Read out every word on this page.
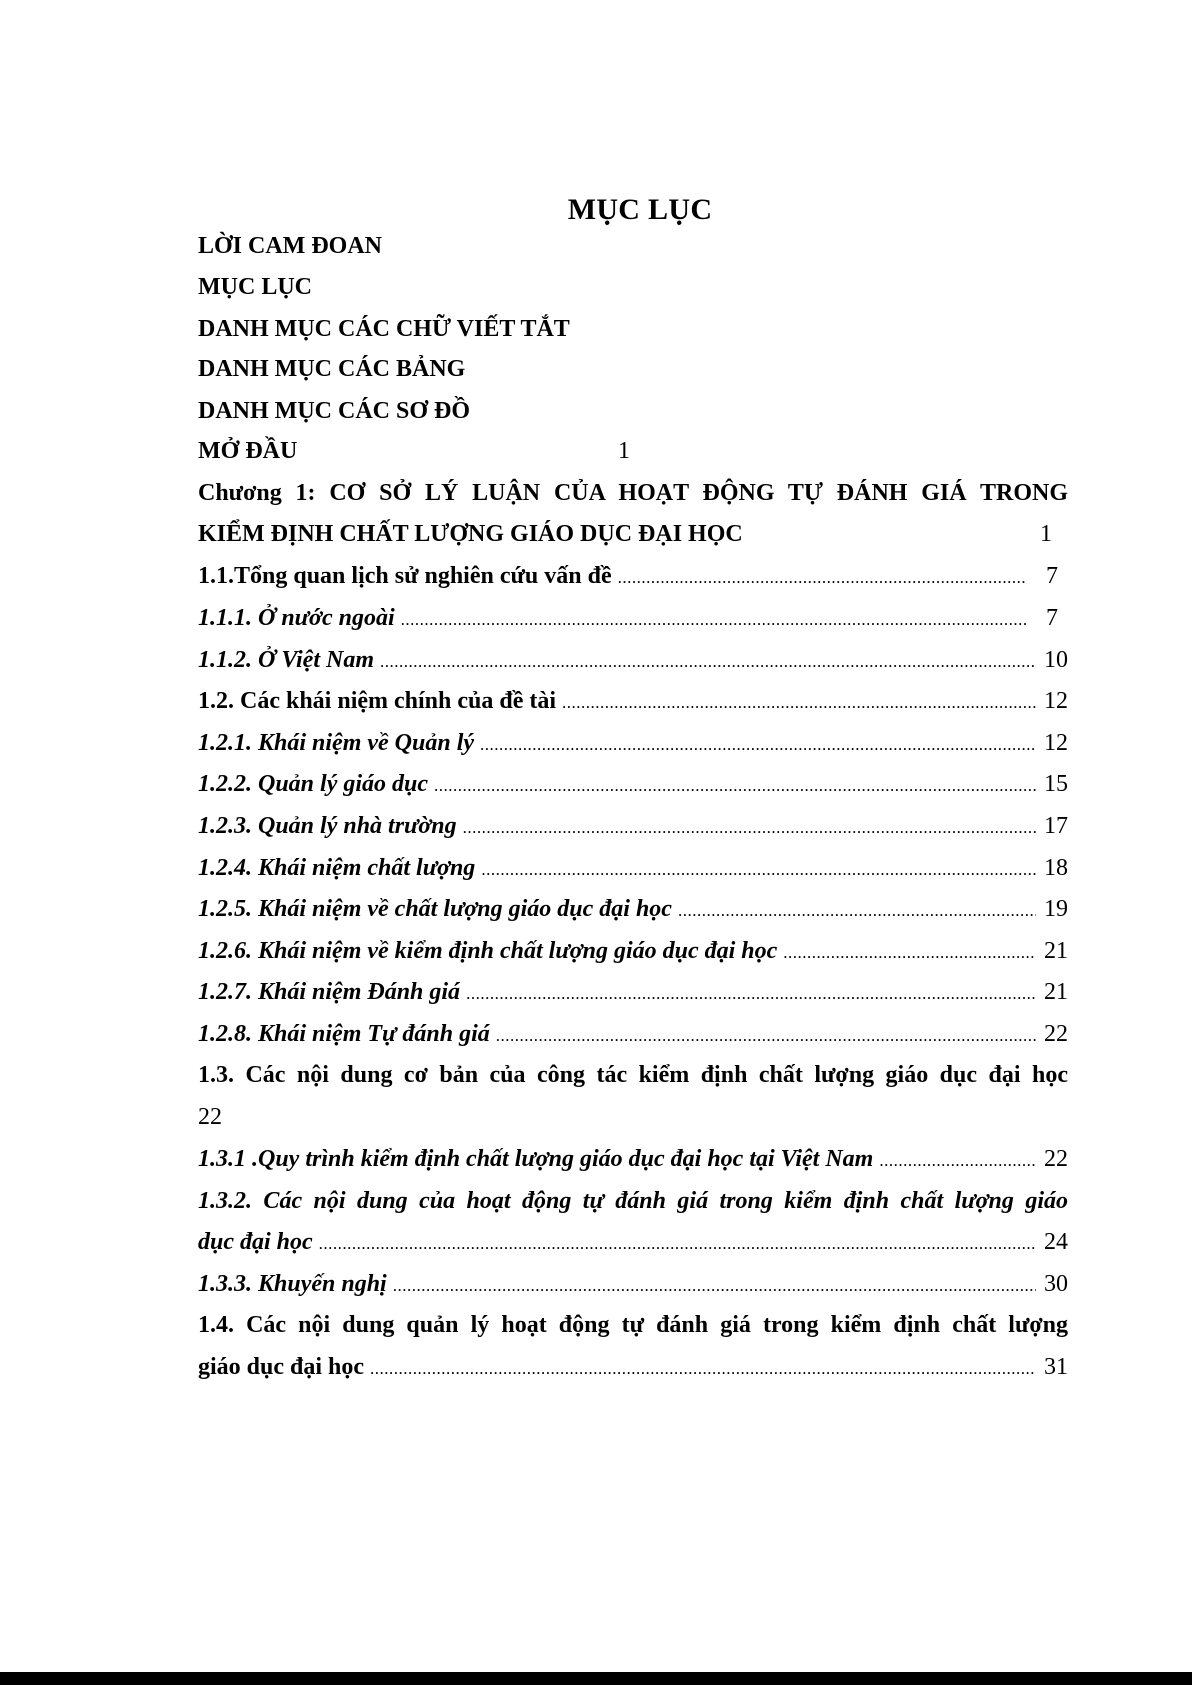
MỤC LỤC
LỜI CAM ĐOAN
MỤC LỤC
DANH MỤC CÁC CHỮ VIẾT TẮT
DANH MỤC CÁC BẢNG
DANH MỤC CÁC SƠ ĐỒ
MỞ ĐẦU	1
Chương 1: CƠ SỞ LÝ LUẬN CỦA HOẠT ĐỘNG TỰ ĐÁNH GIÁ TRONG
KIỂM ĐỊNH CHẤT LƯỢNG GIÁO DỤC ĐẠI HỌC	1
1.1.Tổng quan lịch sử nghiên cứu vấn đề .....	7
1.1.1. Ở nước ngoài .....	7
1.1.2. Ở Việt Nam .....	10
1.2. Các khái niệm chính của đề tài .....	12
1.2.1. Khái niệm về Quản lý .....	12
1.2.2. Quản lý giáo dục .....	15
1.2.3. Quản lý nhà trường .....	17
1.2.4. Khái niệm chất lượng .....	18
1.2.5. Khái niệm về chất lượng giáo dục đại học .....	19
1.2.6. Khái niệm về kiểm định chất lượng giáo dục đại học .....	21
1.2.7. Khái niệm Đánh giá .....	21
1.2.8. Khái niệm Tự đánh giá .....	22
1.3. Các nội dung cơ bản của công tác kiểm định chất lượng giáo dục đại học
22
1.3.1 .Quy trình kiểm định chất lượng giáo dục đại học tại Việt Nam .....	22
1.3.2. Các nội dung của hoạt động tự đánh giá trong kiểm định chất lượng giáo
dục đại học .....	24
1.3.3. Khuyến nghị .....	30
1.4. Các nội dung quản lý hoạt động tự đánh giá trong kiểm định chất lượng
giáo dục đại học .....	31
